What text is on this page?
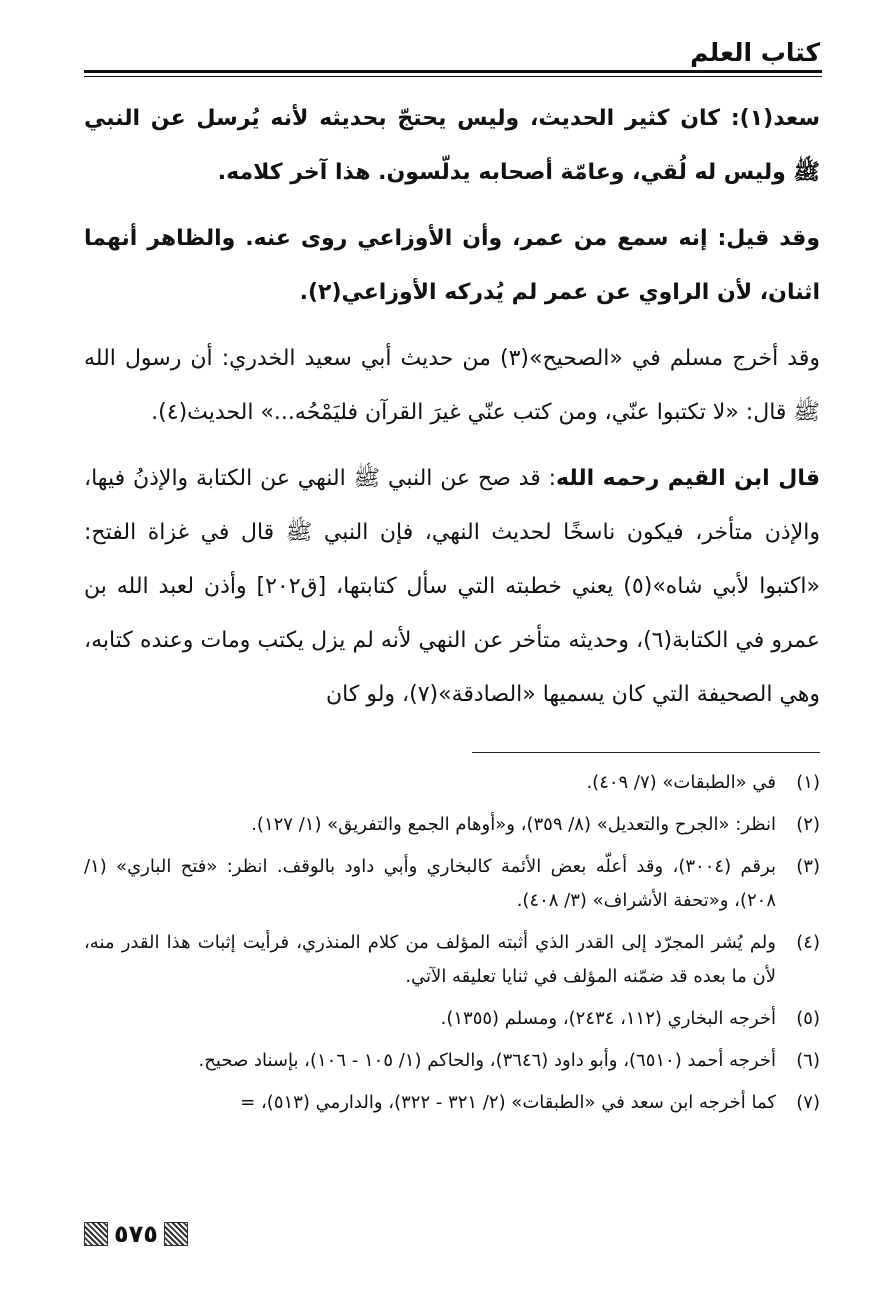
كتاب العلم

سعد(١): كان كثير الحديث، وليس يحتجّ بحديثه لأنه يُرسل عن النبي ﷺ وليس له لُقي، وعامّة أصحابه يدلّسون. هذا آخر كلامه.

وقد قيل: إنه سمع من عمر، وأن الأوزاعي روى عنه. والظاهر أنهما اثنان، لأن الراوي عن عمر لم يُدركه الأوزاعي(٢).

وقد أخرج مسلم في «الصحيح»(٣) من حديث أبي سعيد الخدري: أن رسول الله ﷺ قال: «لا تكتبوا عنّي، ومن كتب عنّي غيرَ القرآن فليَمْحُه...» الحديث(٤).

قال ابن القيم رحمه الله: قد صح عن النبي ﷺ النهي عن الكتابة والإذنُ فيها، والإذن متأخر، فيكون ناسخًا لحديث النهي، فإن النبي ﷺ قال في غزاة الفتح: «اكتبوا لأبي شاه»(٥) يعني خطبته التي سأل كتابتها، [ق٢٠٢] وأذن لعبد الله بن عمرو في الكتابة(٦)، وحديثه متأخر عن النهي لأنه لم يزل يكتب ومات وعنده كتابه، وهي الصحيفة التي كان يسميها «الصادقة»(٧)، ولو كان

(١)
في «الطبقات» (٧/ ٤٠٩).
(٢)
انظر: «الجرح والتعديل» (٨/ ٣٥٩)، و«أوهام الجمع والتفريق» (١/ ١٢٧).
(٣)
برقم (٣٠٠٤)، وقد أعلّه بعض الأئمة كالبخاري وأبي داود بالوقف. انظر: «فتح الباري» (١/ ٢٠٨)، و«تحفة الأشراف» (٣/ ٤٠٨).
(٤)
ولم يُشر المجرّد إلى القدر الذي أثبته المؤلف من كلام المنذري، فرأيت إثبات هذا القدر منه، لأن ما بعده قد ضمّنه المؤلف في ثنايا تعليقه الآتي.
(٥)
أخرجه البخاري (١١٢، ٢٤٣٤)، ومسلم (١٣٥٥).
(٦)
أخرجه أحمد (٦٥١٠)، وأبو داود (٣٦٤٦)، والحاكم (١/ ١٠٥ - ١٠٦)، بإسناد صحيح.
(٧)
كما أخرجه ابن سعد في «الطبقات» (٢/ ٣٢١ - ٣٢٢)، والدارمي (٥١٣)، =
٥٧٥
